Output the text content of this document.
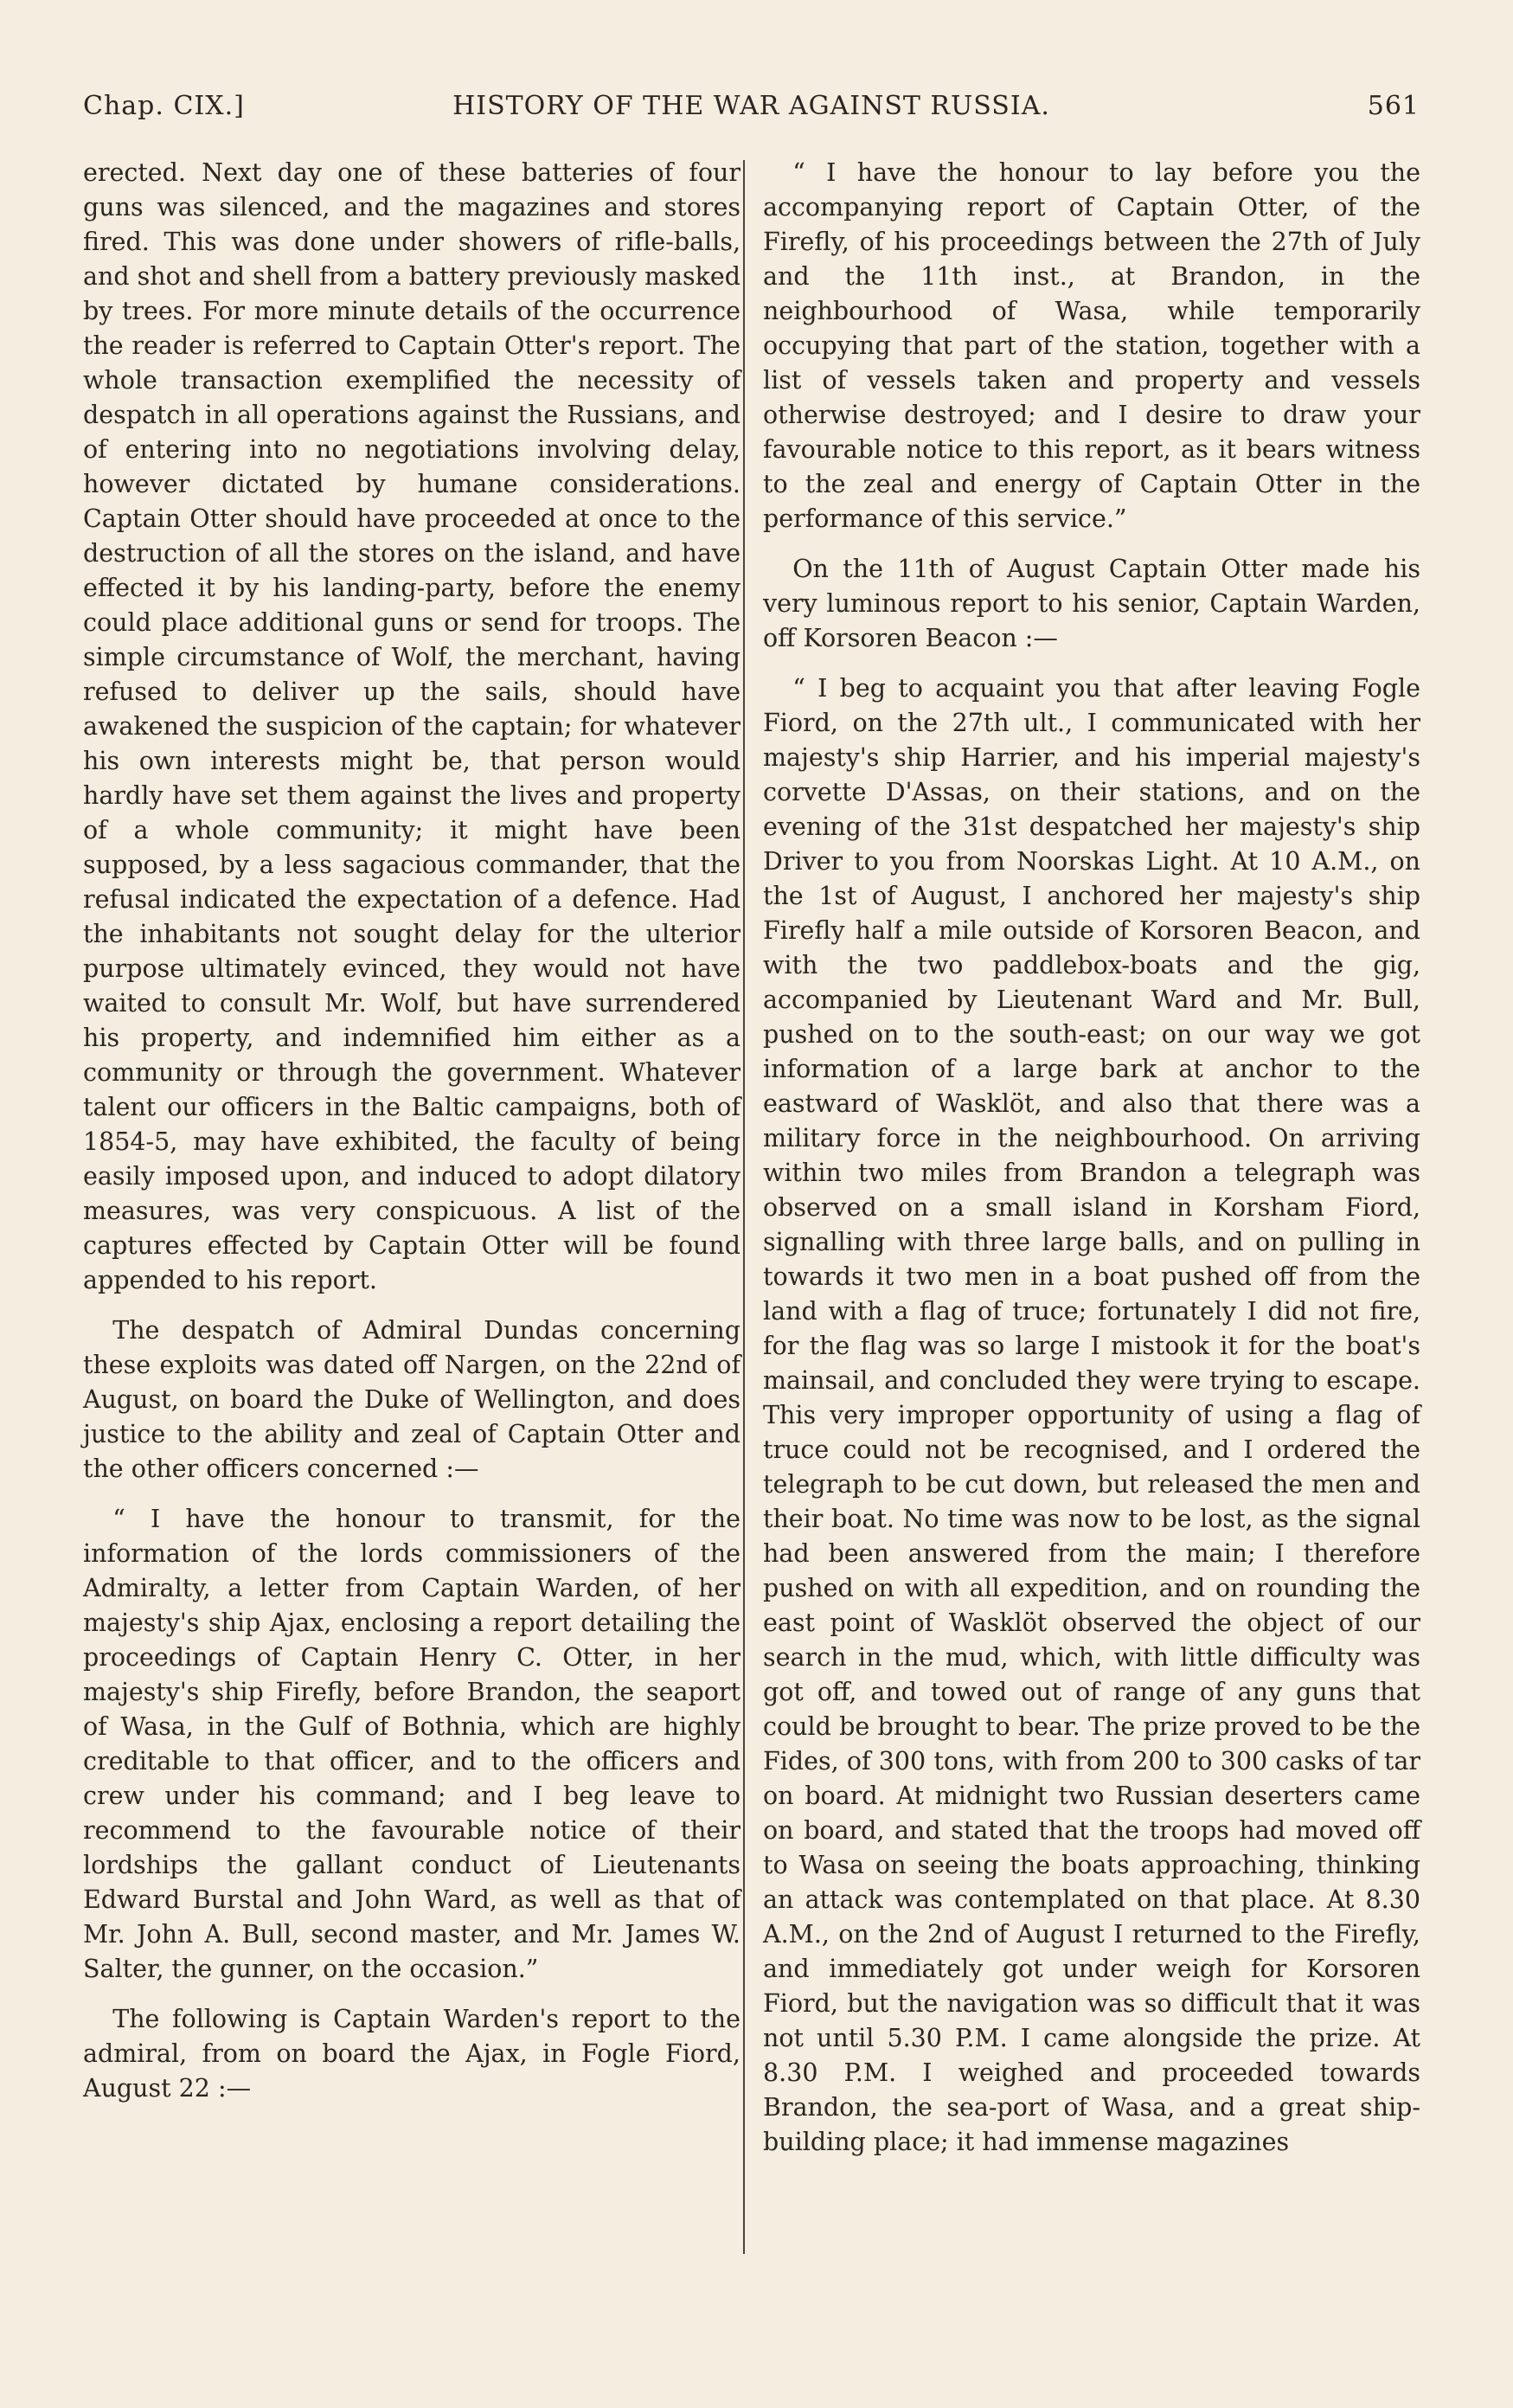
Chap. CIX.]	HISTORY OF THE WAR AGAINST RUSSIA.	561

erected. Next day one of these batteries of four guns was silenced, and the magazines and stores fired. This was done under showers of rifle-balls, and shot and shell from a battery previously masked by trees. For more minute details of the occurrence the reader is referred to Captain Otter's report. The whole transaction exemplified the necessity of despatch in all operations against the Russians, and of entering into no negotiations involving delay, however dictated by humane considerations. Captain Otter should have proceeded at once to the destruction of all the stores on the island, and have effected it by his landing-party, before the enemy could place additional guns or send for troops. The simple circumstance of Wolf, the merchant, having refused to deliver up the sails, should have awakened the suspicion of the captain; for whatever his own interests might be, that person would hardly have set them against the lives and property of a whole community; it might have been supposed, by a less sagacious commander, that the refusal indicated the expectation of a defence. Had the inhabitants not sought delay for the ulterior purpose ultimately evinced, they would not have waited to consult Mr. Wolf, but have surrendered his property, and indemnified him either as a community or through the government. Whatever talent our officers in the Baltic campaigns, both of 1854-5, may have exhibited, the faculty of being easily imposed upon, and induced to adopt dilatory measures, was very conspicuous. A list of the captures effected by Captain Otter will be found appended to his report.

The despatch of Admiral Dundas concerning these exploits was dated off Nargen, on the 22nd of August, on board the Duke of Wellington, and does justice to the ability and zeal of Captain Otter and the other officers concerned :—

“ I have the honour to transmit, for the information of the lords commissioners of the Admiralty, a letter from Captain Warden, of her majesty's ship Ajax, enclosing a report detailing the proceedings of Captain Henry C. Otter, in her majesty's ship Firefly, before Brandon, the seaport of Wasa, in the Gulf of Bothnia, which are highly creditable to that officer, and to the officers and crew under his command; and I beg leave to recommend to the favourable notice of their lordships the gallant conduct of Lieutenants Edward Burstal and John Ward, as well as that of Mr. John A. Bull, second master, and Mr. James W. Salter, the gunner, on the occasion.”

The following is Captain Warden's report to the admiral, from on board the Ajax, in Fogle Fiord, August 22 :—

“ I have the honour to lay before you the accompanying report of Captain Otter, of the Firefly, of his proceedings between the 27th of July and the 11th inst., at Brandon, in the neighbourhood of Wasa, while temporarily occupying that part of the station, together with a list of vessels taken and property and vessels otherwise destroyed; and I desire to draw your favourable notice to this report, as it bears witness to the zeal and energy of Captain Otter in the performance of this service.”

On the 11th of August Captain Otter made his very luminous report to his senior, Captain Warden, off Korsoren Beacon :—

“ I beg to acquaint you that after leaving Fogle Fiord, on the 27th ult., I communicated with her majesty's ship Harrier, and his imperial majesty's corvette D'Assas, on their stations, and on the evening of the 31st despatched her majesty's ship Driver to you from Noorskas Light. At 10 A.M., on the 1st of August, I anchored her majesty's ship Firefly half a mile outside of Korsoren Beacon, and with the two paddlebox-boats and the gig, accompanied by Lieutenant Ward and Mr. Bull, pushed on to the south-east; on our way we got information of a large bark at anchor to the eastward of Wasklöt, and also that there was a military force in the neighbourhood. On arriving within two miles from Brandon a telegraph was observed on a small island in Korsham Fiord, signalling with three large balls, and on pulling in towards it two men in a boat pushed off from the land with a flag of truce; fortunately I did not fire, for the flag was so large I mistook it for the boat's mainsail, and concluded they were trying to escape. This very improper opportunity of using a flag of truce could not be recognised, and I ordered the telegraph to be cut down, but released the men and their boat. No time was now to be lost, as the signal had been answered from the main; I therefore pushed on with all expedition, and on rounding the east point of Wasklöt observed the object of our search in the mud, which, with little difficulty was got off, and towed out of range of any guns that could be brought to bear. The prize proved to be the Fides, of 300 tons, with from 200 to 300 casks of tar on board. At midnight two Russian deserters came on board, and stated that the troops had moved off to Wasa on seeing the boats approaching, thinking an attack was contemplated on that place. At 8.30 A.M., on the 2nd of August I returned to the Firefly, and immediately got under weigh for Korsoren Fiord, but the navigation was so difficult that it was not until 5.30 P.M. I came alongside the prize. At 8.30 P.M. I weighed and proceeded towards Brandon, the sea-port of Wasa, and a great ship-building place; it had immense magazines
